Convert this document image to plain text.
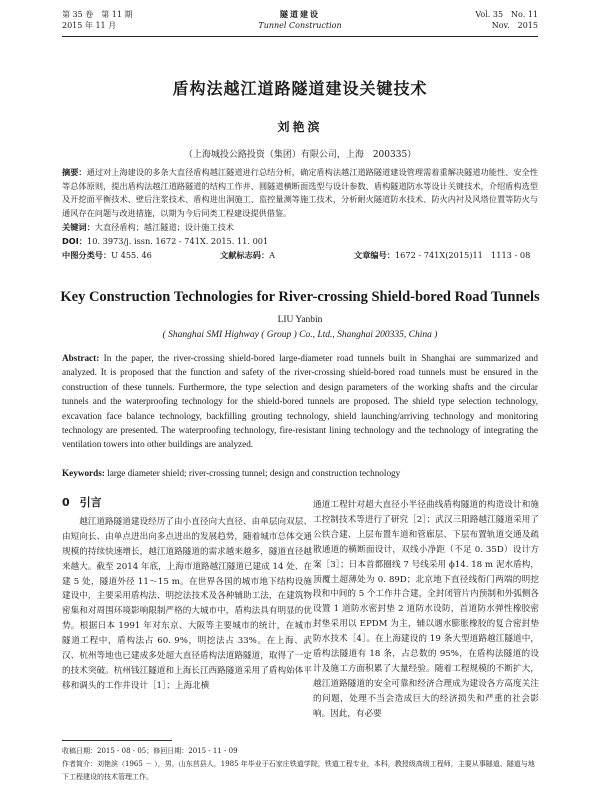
第 35 卷　第 11 期
2015 年 11 月
隧道建设
Tunnel Construction
Vol. 35　No. 11
Nov.　2015
盾构法越江道路隧道建设关键技术
刘艳滨
（上海城投公路投资（集团）有限公司，上海　200335）
摘要：通过对上海建设的多条大直径盾构越江隧道进行总结分析，确定盾构法越江道路隧道建设管理需着重解决隧道功能性、安全性等总体原则，提出盾构法越江道路隧道的结构工作井、圆隧道横断面选型与设计参数、盾构隧道防水等设计关键技术，介绍盾构选型及开挖面平衡技术、壁后注浆技术、盾构进出洞施工、监控量测等施工技术，分析耐火隧道防水技术、防火内衬及风塔位置等防火与通风存在问题与改进措施，以期为今后同类工程建设提供借鉴。
关键词：大直径盾构；越江隧道；设计施工技术
DOI：10. 3973/j. issn. 1672 - 741X. 2015. 11. 001
中图分类号：U 455. 46	文献标志码：A	文章编号：1672 - 741X(2015)11　1113 - 08
Key Construction Technologies for River-crossing Shield-bored Road Tunnels
LIU Yanbin
( Shanghai SMI Highway ( Group ) Co., Ltd., Shanghai 200335, China )
Abstract: In the paper, the river-crossing shield-bored large-diameter road tunnels built in Shanghai are summarized and analyzed. It is proposed that the function and safety of the river-crossing shield-bored road tunnels must be ensured in the construction of these tunnels. Furthermore, the type selection and design parameters of the working shafts and the circular tunnels and the waterproofing technology for the shield-bored tunnels are proposed. The shield type selection technology, excavation face balance technology, backfilling grouting technology, shield launching/arriving technology and monitoring technology are presented. The waterproofing technology, fire-resistant lining technology and the technology of integrating the ventilation towers into other buildings are analyzed.
Keywords: large diameter shield; river-crossing tunnel; design and construction technology
0 引言

越江道路隧道建设经历了由小直径向大直径、由单层向双层、由短向长、由单点进出向多点进出的发展趋势，随着城市总体交通规模的持续快速增长，越江道路隧道的需求越来越多，隧道直径越来越大。截至 2014 年底，上海市道路越江隧道已建成 14 处、在建 5 处，隧道外径 11～15 m。在世界各国的城市地下结构设施建设中，主要采用盾构法、明挖法技术及各种辅助工法，在建筑物密集和对周围环境影响限制严格的大城市中，盾构法具有明显的优势。根据日本 1991 年对东京、大阪等主要城市的统计，在城市隧道工程中，盾构法占 60. 9%，明挖法占 33%。在上海、武汉、杭州等地也已建成多处超大直径盾构法道路隧道，取得了一定的技术突破。杭州钱江隧道和上海长江西路隧道采用了盾构始体平移和调头的工作井设计［1］；上海北横

通道工程针对超大直径小半径曲线盾构隧道的构造设计和施工控制技术等进行了研究［2］；武汉三阳路越江隧道采用了公铁合建、上层布置车道和管廊层、下层布置轨道交通及疏散通道的横断面设计，双线小净距（不足 0. 35D）设计方案［3］；日本首都圈线 7 号线采用 ϕ14. 18 m 泥水盾构，顶覆土超薄处为 0. 89D；北京地下直径线衔门两端的明挖段和中间的 5 个工作井合建，全封闭管片内预制和外弧侧各设置 1 道防水密封垫 2 道防水设防，首道防水弹性橡胶密封垫采用以 EPDM 为主，辅以遇水膨胀橡胶的复合密封垫防水技术［4］。在上海建设的 19 条大型道路越江隧道中，盾构法隧道有 18 条，占总数的 95%，在盾构法隧道的设计及施工方面积累了大量经验。随着工程规模的不断扩大，越江道路隧道的安全可靠和经济合理成为建设各方高度关注的问题，处理不当会造成巨大的经济损失和严重的社会影响。因此，有必要

收稿日期：2015 - 08 - 05；修回日期：2015 - 11 - 09
作者简介：刘艳滨（1965 － ），男，山东莒县人，1985 年毕业于石家庄铁道学院，铁道工程专业，本科，教授级高级工程师，主要从事隧道、隧道与地下工程建设的技术管理工作。
